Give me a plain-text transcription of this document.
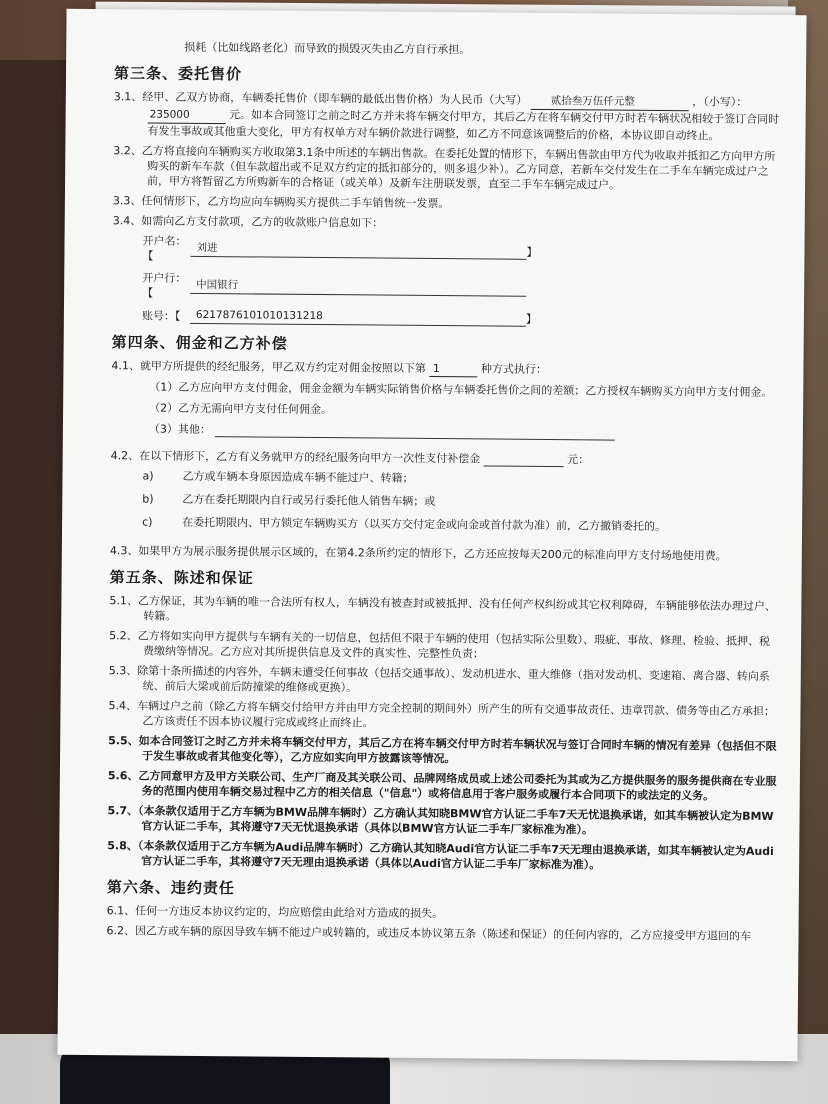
损耗（比如线路老化）而导致的损毁灭失由乙方自行承担。

第三条、委托售价

3.1、经甲、乙双方协商，车辆委托售价（即车辆的最低出售价格）为人民币（大写） 贰拾叁万伍仟元整	，（小写）： 235000	元。如本合同签订之前之时乙方并未将车辆交付甲方，其后乙方在将车辆交付甲方时若车辆状况相较于签订合同时有发生事故或其他重大变化，甲方有权单方对车辆价款进行调整，如乙方不同意该调整后的价格，本协议即自动终止。

3.2、乙方将直接向车辆购买方收取第3.1条中所述的车辆出售款。在委托处置的情形下，车辆出售款由甲方代为收取并抵扣乙方向甲方所购买的新车车款（但车款超出或不足双方约定的抵扣部分的，则多退少补）。乙方同意，若新车交付发生在二手车车辆完成过户之前，甲方将暂留乙方所购新车的合格证（或关单）及新车注册联发票，直至二手车车辆完成过户。

3.3、任何情形下，乙方均应向车辆购买方提供二手车销售统一发票。

3.4、如需向乙方支付款项，乙方的收款账户信息如下：

开户名：【
刘进	】
开户行：【
中国银行
账号：【	6217876101010131218	】
第四条、佣金和乙方补偿

4.1、就甲方所提供的经纪服务，甲乙双方约定对佣金按照以下第 1	种方式执行：

（1）乙方应向甲方支付佣金，佣金金额为车辆实际销售价格与车辆委托售价之间的差额；乙方授权车辆购买方向甲方支付佣金。

（2）乙方无需向甲方支付任何佣金。

（3）其他：

4.2、在以下情形下，乙方有义务就甲方的经纪服务向甲方一次性支付补偿金	元：

a)	乙方或车辆本身原因造成车辆不能过户、转籍；
b)	乙方在委托期限内自行或另行委托他人销售车辆；或
c)	在委托期限内、甲方锁定车辆购买方（以买方交付定金或向金或首付款为准）前，乙方撤销委托的。

4.3、如果甲方为展示服务提供展示区域的，在第4.2条所约定的情形下，乙方还应按每天200元的标准向甲方支付场地使用费。

第五条、陈述和保证

5.1、乙方保证，其为车辆的唯一合法所有权人，车辆没有被查封或被抵押、没有任何产权纠纷或其它权利障碍，车辆能够依法办理过户、转籍。

5.2、乙方将如实向甲方提供与车辆有关的一切信息，包括但不限于车辆的使用（包括实际公里数）、瑕疵、事故、修理、检验、抵押、税费缴纳等情况。乙方应对其所提供信息及文件的真实性、完整性负责；

5.3、除第十条所描述的内容外，车辆未遭受任何事故（包括交通事故）、发动机进水、重大维修（指对发动机、变速箱、离合器、转向系统、前后大梁或前后防撞梁的维修或更换）。

5.4、车辆过户之前（除乙方将车辆交付给甲方并由甲方完全控制的期间外）所产生的所有交通事故责任、违章罚款、债务等由乙方承担；乙方该责任不因本协议履行完成或终止而终止。

5.5、如本合同签订之时乙方并未将车辆交付甲方，其后乙方在将车辆交付甲方时若车辆状况与签订合同时车辆的情况有差异（包括但不限于发生事故或者其他变化等），乙方应如实向甲方披露该等情况。

5.6、乙方同意甲方及甲方关联公司、生产厂商及其关联公司、品牌网络成员或上述公司委托为其或为乙方提供服务的服务提供商在专业服务的范围内使用车辆交易过程中乙方的相关信息（"信息"）或将信息用于客户服务或履行本合同项下的或法定的义务。

5.7、（本条款仅适用于乙方车辆为BMW品牌车辆时）乙方确认其知晓BMW官方认证二手车7天无忧退换承诺，如其车辆被认定为BMW官方认证二手车，其将遵守7天无忧退换承诺（具体以BMW官方认证二手车厂家标准为准）。

5.8、（本条款仅适用于乙方车辆为Audi品牌车辆时）乙方确认其知晓Audi官方认证二手车7天无理由退换承诺，如其车辆被认定为Audi官方认证二手车，其将遵守7天无理由退换承诺（具体以Audi官方认证二手车厂家标准为准）。

第六条、违约责任

6.1、任何一方违反本协议约定的，均应赔偿由此给对方造成的损失。

6.2、因乙方或车辆的原因导致车辆不能过户或转籍的，或违反本协议第五条（陈述和保证）的任何内容的，乙方应接受甲方退回的车
